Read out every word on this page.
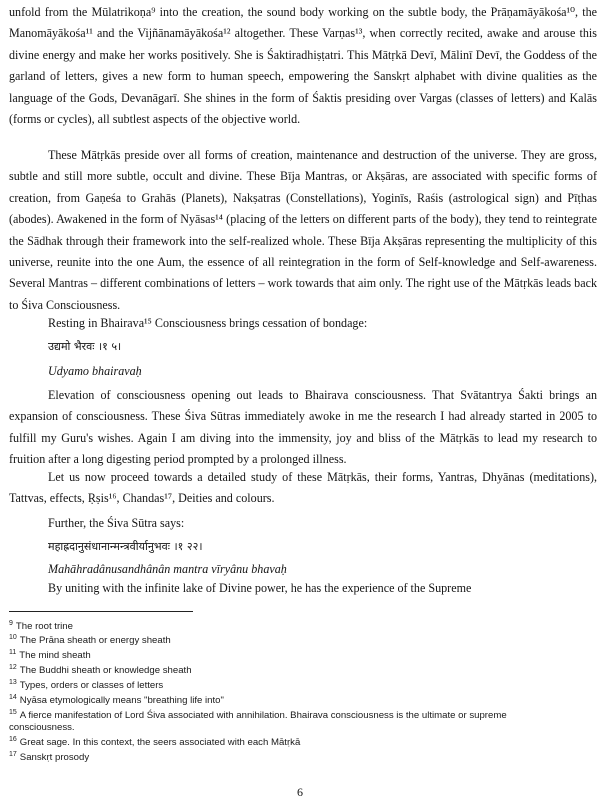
unfold from the Mūlatrikoṇa⁹ into the creation, the sound body working on the subtle body, the Prāṇamāyākośa¹⁰, the Manomāyākośa¹¹ and the Vijñānamāyākośa¹² altogether. These Varṇas¹³, when correctly recited, awake and arouse this divine energy and make her works positively. She is Śaktiradhiṣṭatri. This Mātṛkā Devī, Mālinī Devī, the Goddess of the garland of letters, gives a new form to human speech, empowering the Sanskṛt alphabet with divine qualities as the language of the Gods, Devanāgarī. She shines in the form of Śaktis presiding over Vargas (classes of letters) and Kalās (forms or cycles), all subtlest aspects of the objective world.

These Mātṛkās preside over all forms of creation, maintenance and destruction of the universe. They are gross, subtle and still more subtle, occult and divine. These Bīja Mantras, or Akṣāras, are associated with specific forms of creation, from Gaṇeśa to Grahās (Planets), Nakṣatras (Constellations), Yoginīs, Raśis (astrological sign) and Pīṭhas (abodes). Awakened in the form of Nyāsas¹⁴ (placing of the letters on different parts of the body), they tend to reintegrate the Sādhak through their framework into the self-realized whole. These Bīja Akṣāras representing the multiplicity of this universe, reunite into the one Aum, the essence of all reintegration in the form of Self-knowledge and Self-awareness. Several Mantras – different combinations of letters – work towards that aim only. The right use of the Mātṛkās leads back to Śiva Consciousness.

Resting in Bhairava¹⁵ Consciousness brings cessation of bondage:

उद्यमो भैरवः ।१ ५।

Udyamo bhairavaḥ

Elevation of consciousness opening out leads to Bhairava consciousness. That Svātantrya Śakti brings an expansion of consciousness. These Śiva Sūtras immediately awoke in me the research I had already started in 2005 to fulfill my Guru's wishes. Again I am diving into the immensity, joy and bliss of the Mātṛkās to lead my research to fruition after a long digesting period prompted by a prolonged illness.

Let us now proceed towards a detailed study of these Mātṛkās, their forms, Yantras, Dhyānas (meditations), Tattvas, effects, Ṛṣis¹⁶, Chandas¹⁷, Deities and colours.

Further, the Śiva Sūtra says:

महाह्रदानुसंधानान्मन्त्रवीर्यानुभवः ।१ २२।

Mahāhradânusandhânân mantra vīryânu bhavaḥ

By uniting with the infinite lake of Divine power, he has the experience of the Supreme

$^9$ The root trine

$^{10}$ The Prāna sheath or energy sheath

$^{11}$ The mind sheath

$^{12}$ The Buddhi sheath or knowledge sheath

$^{13}$ Types, orders or classes of letters

$^{14}$ Nyāsa etymologically means "breathing life into"

$^{15}$ A fierce manifestation of Lord Śiva associated with annihilation. Bhairava consciousness is the ultimate or supreme consciousness.

$^{16}$ Great sage. In this context, the seers associated with each Mātṛkā

$^{17}$ Sanskṛt prosody

6
